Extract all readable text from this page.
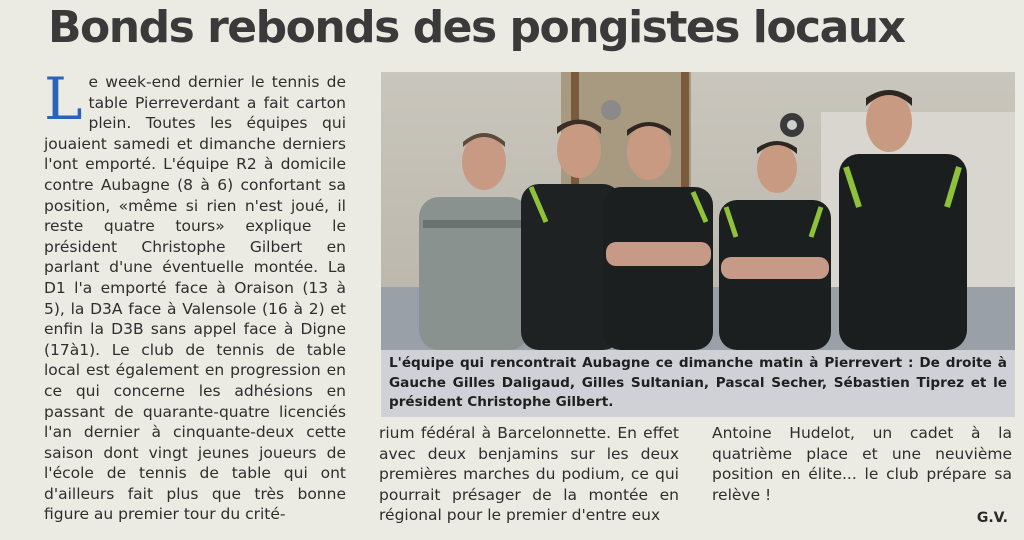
Bonds rebonds des pongistes locaux

Le week-end dernier le tennis de table Pierreverdant a fait carton plein. Toutes les équipes qui jouaient samedi et dimanche derniers l'ont emporté. L'équipe R2 à domicile contre Aubagne (8 à 6) confortant sa position, «même si rien n'est joué, il reste quatre tours» explique le président Christophe Gilbert en parlant d'une éventuelle montée. La D1 l'a emporté face à Oraison (13 à 5), la D3A face à Valensole (16 à 2) et enfin la D3B sans appel face à Digne (17à1). Le club de tennis de table local est également en progression en ce qui concerne les adhésions en passant de quarante-quatre licenciés l'an dernier à cinquante-deux cette saison dont vingt jeunes joueurs de l'école de tennis de table qui ont d'ailleurs fait plus que très bonne figure au premier tour du crité-

L'équipe qui rencontrait Aubagne ce dimanche matin à Pierrevert : De droite à Gauche Gilles Daligaud, Gilles Sultanian, Pascal Secher, Sébastien Tiprez et le président Christophe Gilbert.

rium fédéral à Barcelonnette. En effet avec deux benjamins sur les deux premières marches du podium, ce qui pourrait présager de la montée en régional pour le premier d'entre eux

Antoine Hudelot, un cadet à la quatrième place et une neuvième position en élite... le club prépare sa relève !

G.V.
